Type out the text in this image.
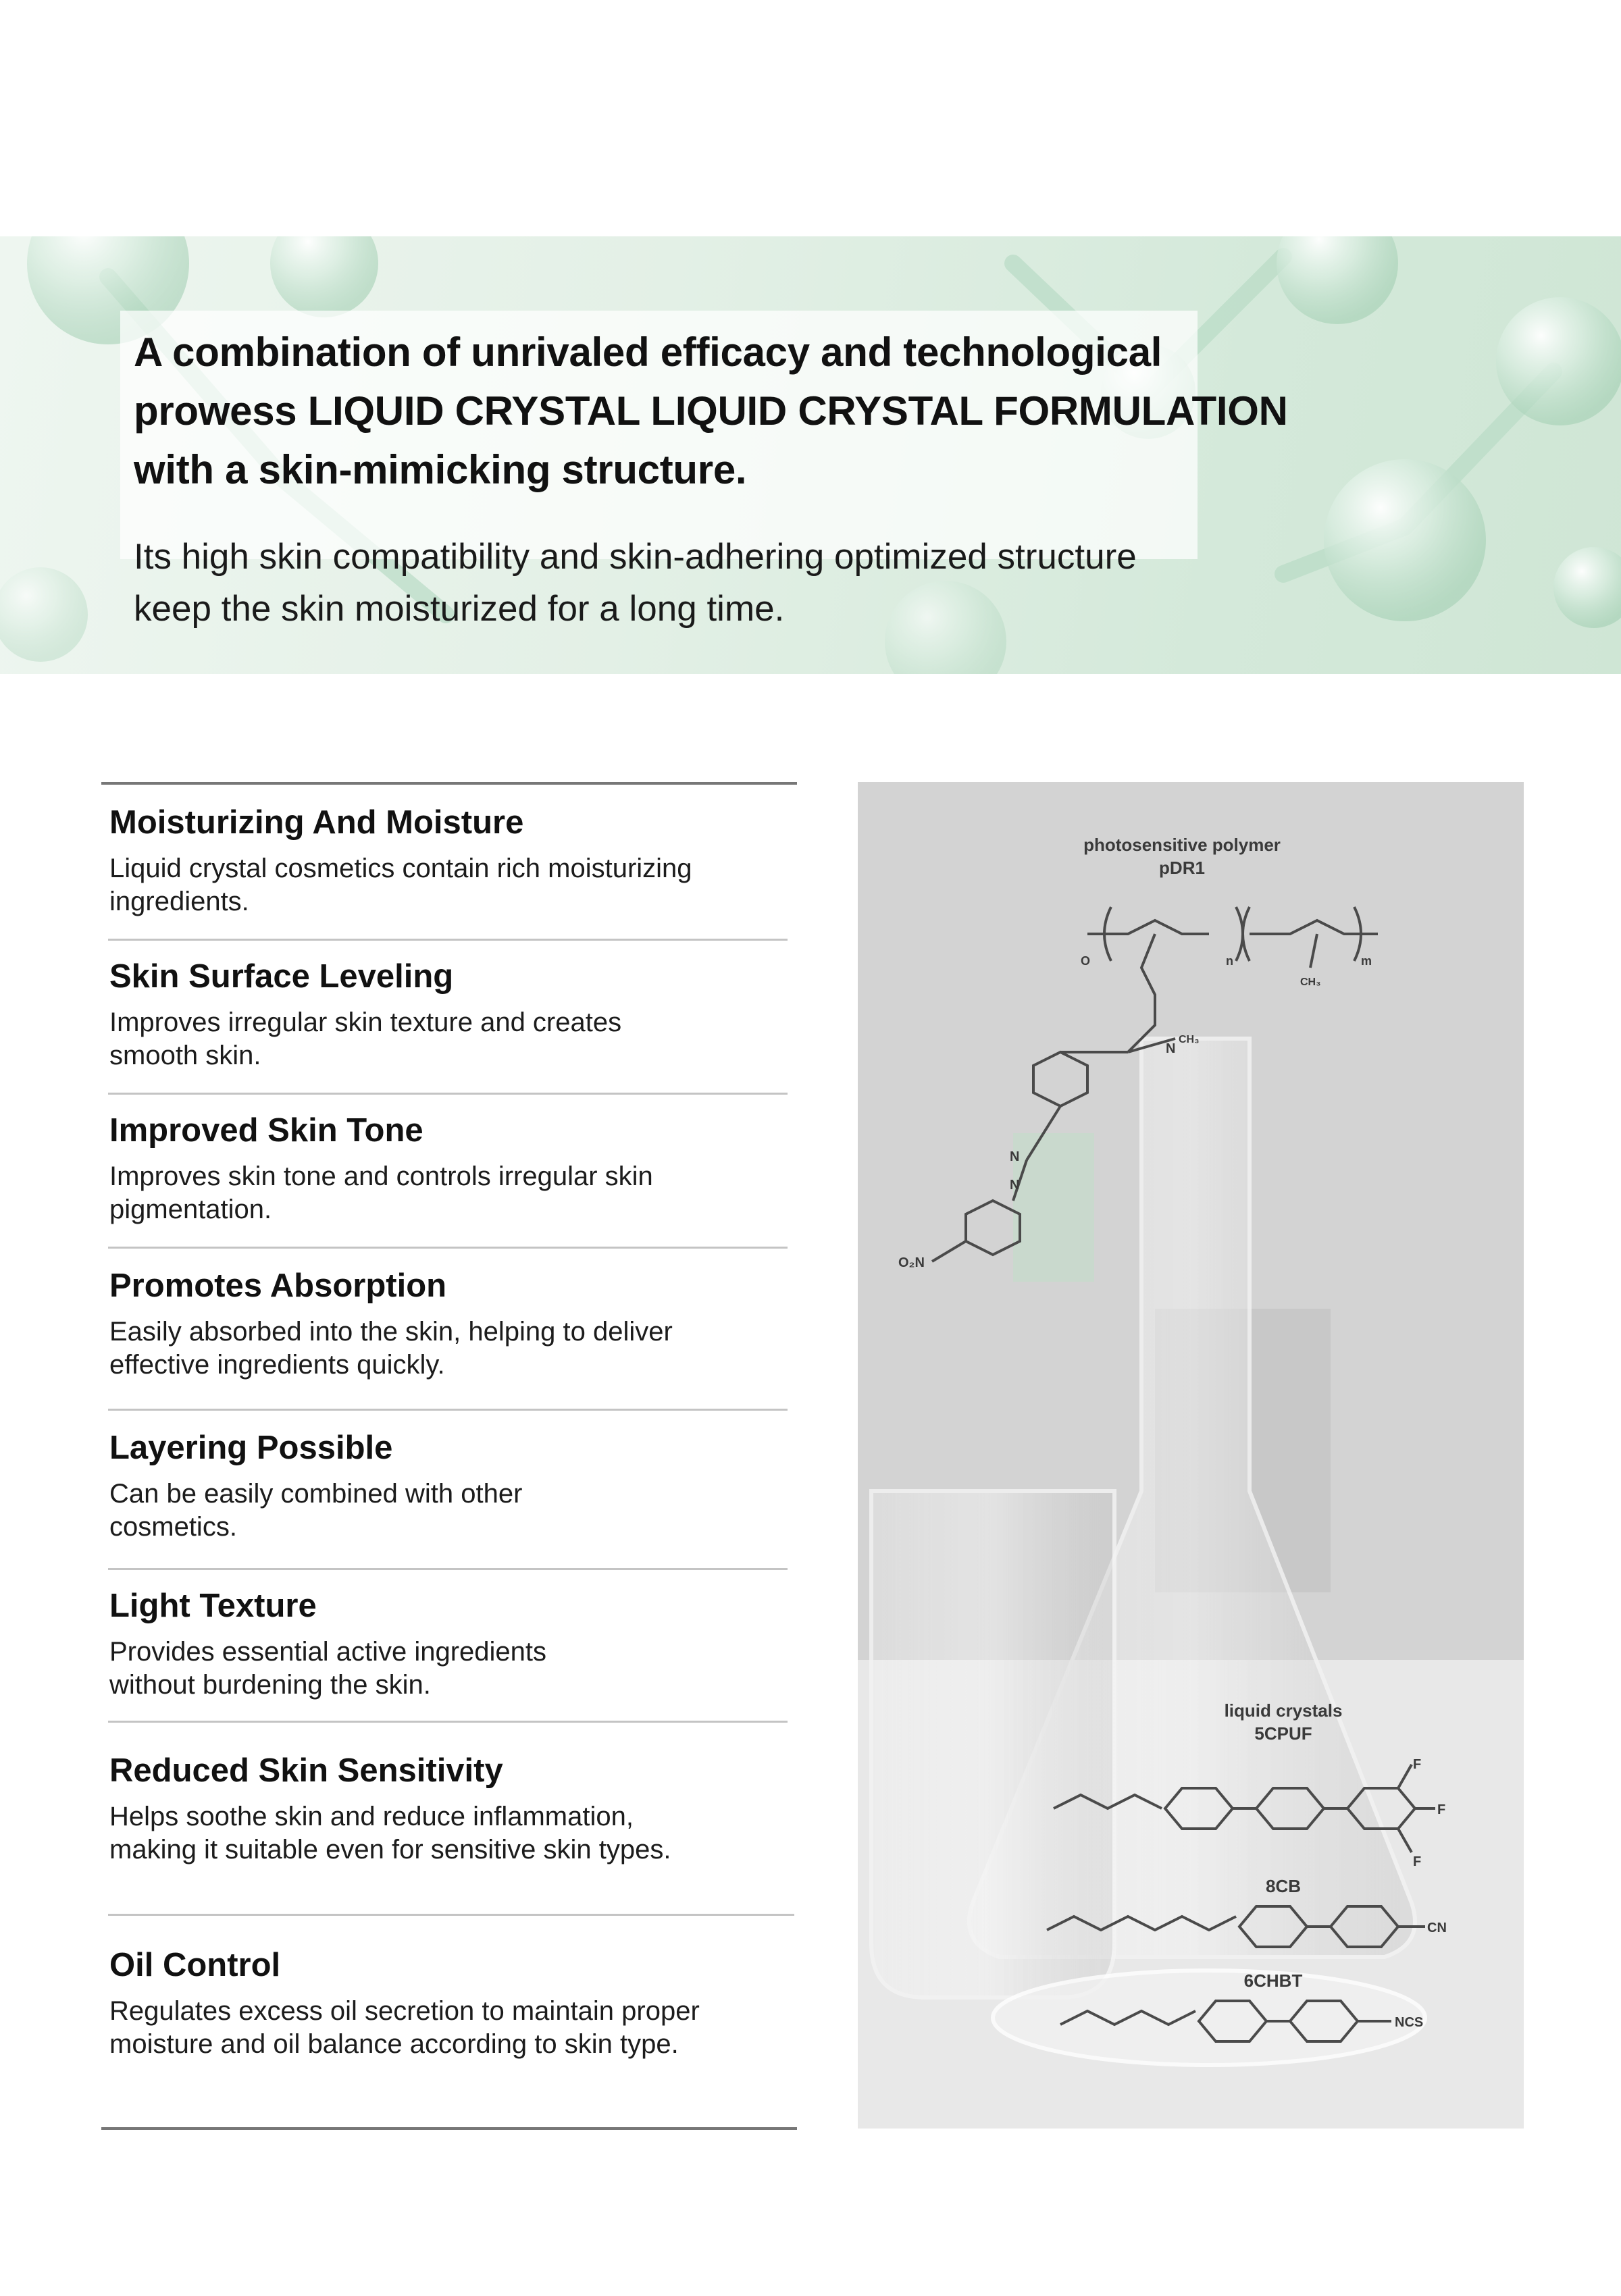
A combination of unrivaled efficacy and technological
prowess LIQUID CRYSTAL LIQUID CRYSTAL FORMULATION
with a skin-mimicking structure.

Its high skin compatibility and skin-adhering optimized structure
keep the skin moisturized for a long time.

Moisturizing And Moisture

Liquid crystal cosmetics contain rich moisturizing
ingredients.

Skin Surface Leveling

Improves irregular skin texture and creates
smooth skin.

Improved Skin Tone

Improves skin tone and controls irregular skin
pigmentation.

Promotes Absorption

Easily absorbed into the skin, helping to deliver
effective ingredients quickly.

Layering Possible

Can be easily combined with other
cosmetics.

Light Texture

Provides essential active ingredients
without burdening the skin.

Reduced Skin Sensitivity

Helps soothe skin and reduce inflammation,
making it suitable even for sensitive skin types.

Oil Control

Regulates excess oil secretion to maintain proper
moisture and oil balance according to skin type.

photosensitive polymer
pDR1
O	n	m
CH₃
N
CH₃
N
N
O₂N
liquid crystals
5CPUF
F
F
F
8CB
CN
6CHBT
NCS
